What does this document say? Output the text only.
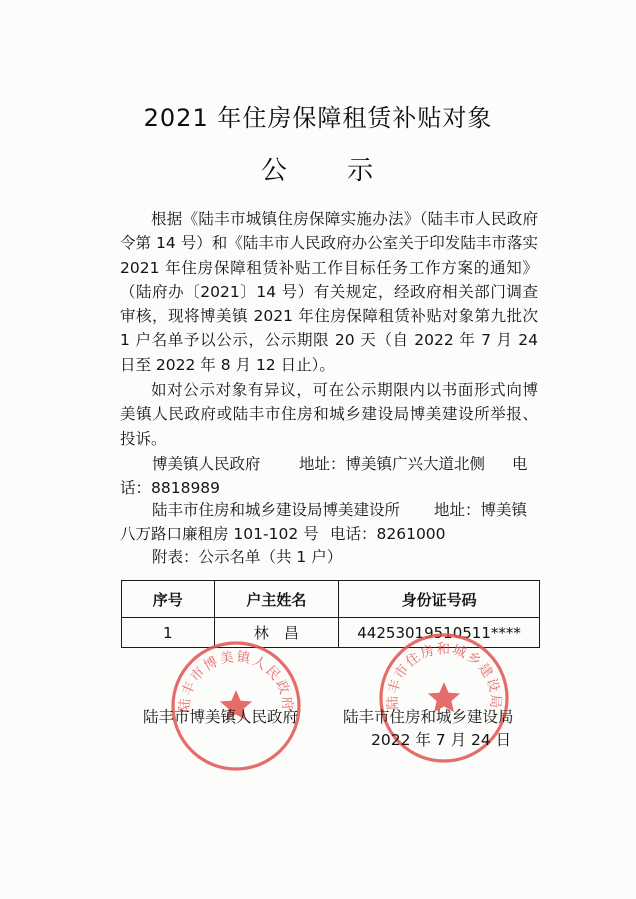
2021 年住房保障租赁补贴对象
公 示
根据《陆丰市城镇住房保障实施办法》（陆丰市人民政府令第 14 号）和《陆丰市人民政府办公室关于印发陆丰市落实 2021 年住房保障租赁补贴工作目标任务工作方案的通知》（陆府办〔2021〕14 号）有关规定，经政府相关部门调查审核，现将博美镇 2021 年住房保障租赁补贴对象第九批次 1 户名单予以公示，公示期限 20 天（自 2022 年 7 月 24 日至 2022 年 8 月 12 日止）。
如对公示对象有异议，可在公示期限内以书面形式向博美镇人民政府或陆丰市住房和城乡建设局博美建设所举报、投诉。
博美镇人民政府 地址：博美镇广兴大道北侧 电
话：8818989
陆丰市住房和城乡建设局博美建设所 地址：博美镇
八万路口廉租房 101-102 号 电话：8261000
附表：公示名单（共 1 户）
序号	户主姓名	身份证号码
1	林　昌	44253019510511****
陆丰市博美镇人民政府	陆丰市住房和城乡建设局
陆丰市博美镇人民政府	陆丰市住房和城乡建设局
2022 年 7 月 24 日
